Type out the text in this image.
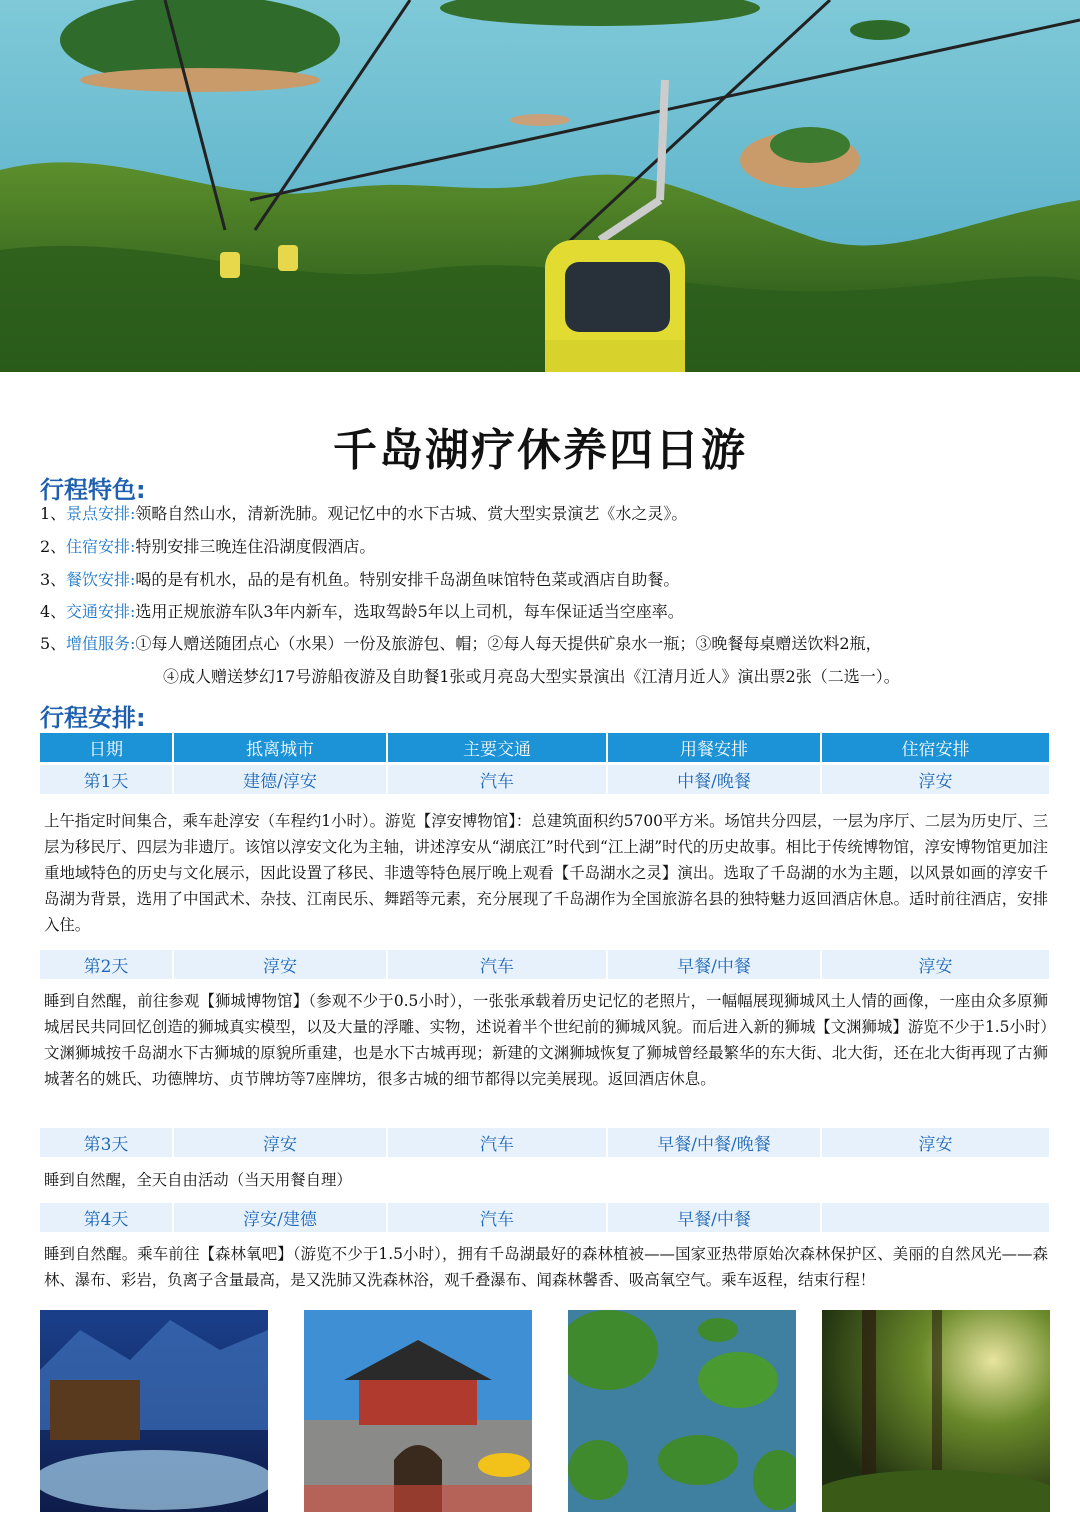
千岛湖疗休养四日游
行程特色:
1、景点安排:领略自然山水，清新洗肺。观记忆中的水下古城、赏大型实景演艺《水之灵》。
2、住宿安排:特别安排三晚连住沿湖度假酒店。
3、餐饮安排:喝的是有机水，品的是有机鱼。特别安排千岛湖鱼味馆特色菜或酒店自助餐。
4、交通安排:选用正规旅游车队3年内新车，选取驾龄5年以上司机，每车保证适当空座率。
5、增值服务:①每人赠送随团点心（水果）一份及旅游包、帽；②每人每天提供矿泉水一瓶；③晚餐每桌赠送饮料2瓶，
④成人赠送梦幻17号游船夜游及自助餐1张或月亮岛大型实景演出《江清月近人》演出票2张（二选一）。
行程安排:
日期	抵离城市	主要交通	用餐安排	住宿安排
第1天	建德/淳安	汽车	中餐/晚餐	淳安
上午指定时间集合，乘车赴淳安（车程约1小时）。游览【淳安博物馆】：总建筑面积约5700平方米。场馆共分四层，一层为序厅、二层为历史厅、三层为移民厅、四层为非遗厅。该馆以淳安文化为主轴，讲述淳安从“湖底江”时代到“江上湖”时代的历史故事。相比于传统博物馆，淳安博物馆更加注重地域特色的历史与文化展示，因此设置了移民、非遗等特色展厅晚上观看【千岛湖水之灵】演出。选取了千岛湖的水为主题，以风景如画的淳安千岛湖为背景，选用了中国武术、杂技、江南民乐、舞蹈等元素，充分展现了千岛湖作为全国旅游名县的独特魅力返回酒店休息。适时前往酒店，安排入住。
第2天	淳安	汽车	早餐/中餐	淳安
睡到自然醒，前往参观【狮城博物馆】（参观不少于0.5小时），一张张承载着历史记忆的老照片，一幅幅展现狮城风土人情的画像，一座由众多原狮城居民共同回忆创造的狮城真实模型，以及大量的浮雕、实物，述说着半个世纪前的狮城风貌。而后进入新的狮城【文渊狮城】游览不少于1.5小时）文渊狮城按千岛湖水下古狮城的原貌所重建，也是水下古城再现；新建的文渊狮城恢复了狮城曾经最繁华的东大街、北大街，还在北大街再现了古狮城著名的姚氏、功德牌坊、贞节牌坊等7座牌坊，很多古城的细节都得以完美展现。返回酒店休息。
第3天	淳安	汽车	早餐/中餐/晚餐	淳安
睡到自然醒，全天自由活动（当天用餐自理）
第4天	淳安/建德	汽车	早餐/中餐	
睡到自然醒。乘车前往【森林氧吧】（游览不少于1.5小时），拥有千岛湖最好的森林植被——国家亚热带原始次森林保护区、美丽的自然风光——森林、瀑布、彩岩，负离子含量最高，是又洗肺又洗森林浴，观千叠瀑布、闻森林馨香、吸高氧空气。乘车返程，结束行程！
